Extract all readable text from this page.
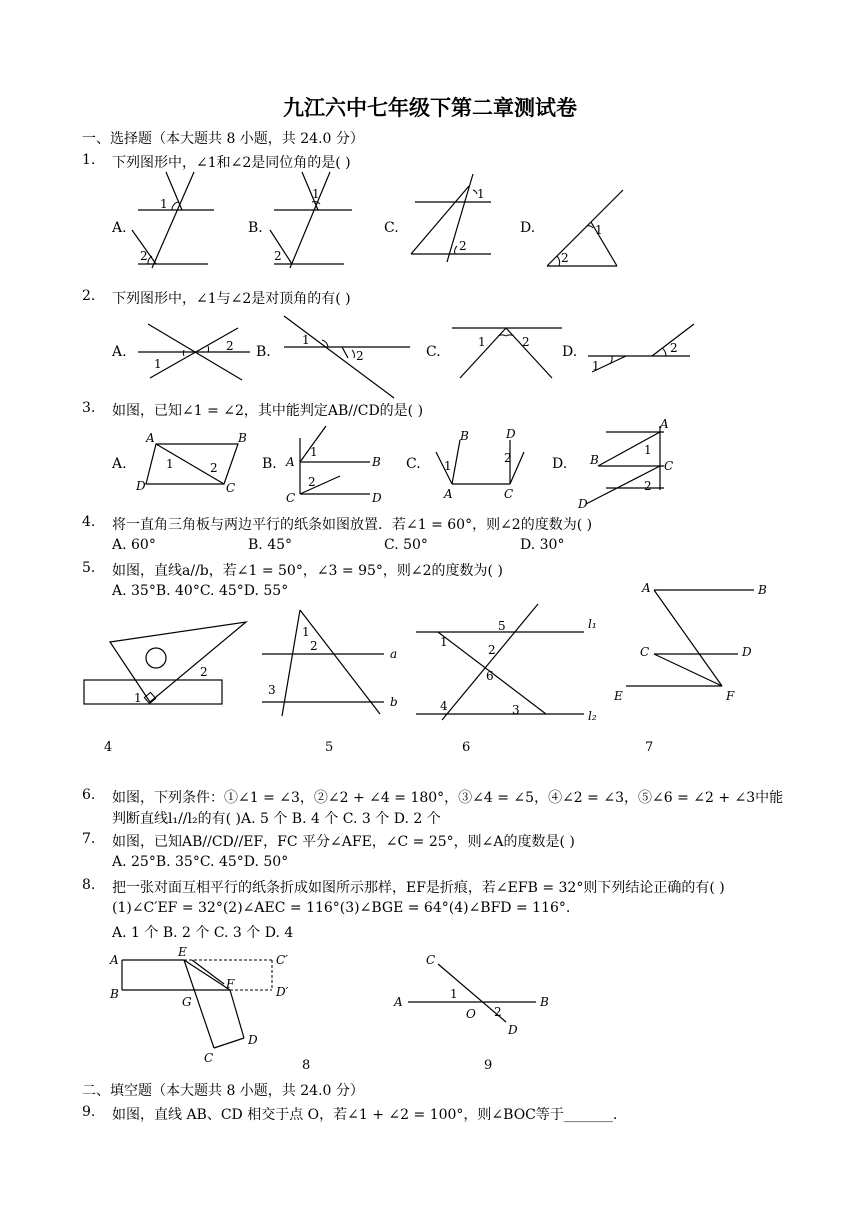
九江六中七年级下第二章测试卷
一、选择题（本大题共 8 小题，共 24.0 分）
1. 下列图形中，∠1和∠2是同位角的是( )
A.	B.	C.	D.
1
2
1
2
1
2
1
2
2. 下列图形中，∠1与∠2是对顶角的有( )
A.	B.	C.	D.
2
1
1
2
1	2	2
1
3. 如图，已知∠1 = ∠2，其中能判定AB//CD的是( )
A.	B.	C.	D.
A	B
D	C
1	2	A	B
C	D
1
2
B	D
A	C
1
2
A
B	C
D
1
2
4. 将一直角三角板与两边平行的纸条如图放置．若∠1 = 60°，则∠2的度数为( )
A. 60°	B. 45°	C. 50°	D. 30°
5. 如图，直线a//b，若∠1 = 50°，∠3 = 95°，则∠2的度数为( )
A. 35°B. 40°C. 45°D. 55°
1
2
1
2
3
a
b
1
2
3
4
5
6
l₁
l₂
A	B
C	D
E	F
4	5	6	7
6. 如图，下列条件：①∠1 = ∠3，②∠2 + ∠4 = 180°，③∠4 = ∠5，④∠2 = ∠3，⑤∠6 = ∠2 + ∠3中能
判断直线l₁//l₂的有( )A. 5 个 B. 4 个 C. 3 个 D. 2 个
7. 如图，已知AB//CD//EF，FC 平分∠AFE，∠C = 25°，则∠A的度数是( )
A. 25°B. 35°C. 45°D. 50°
8. 把一张对面互相平行的纸条折成如图所示那样，EF是折痕，若∠EFB = 32°则下列结论正确的有( )
(1)∠C′EF = 32°(2)∠AEC = 116°(3)∠BGE = 64°(4)∠BFD = 116°.
A. 1 个 B. 2 个 C. 3 个 D. 4
A
E
C′
B
G
F
D′
D
C
C
A	B
O
D
1
2
8	9
二、填空题（本大题共 8 小题，共 24.0 分）
9. 如图，直线 AB、CD 相交于点 O，若∠1 + ∠2 = 100°，则∠BOC等于_______.
